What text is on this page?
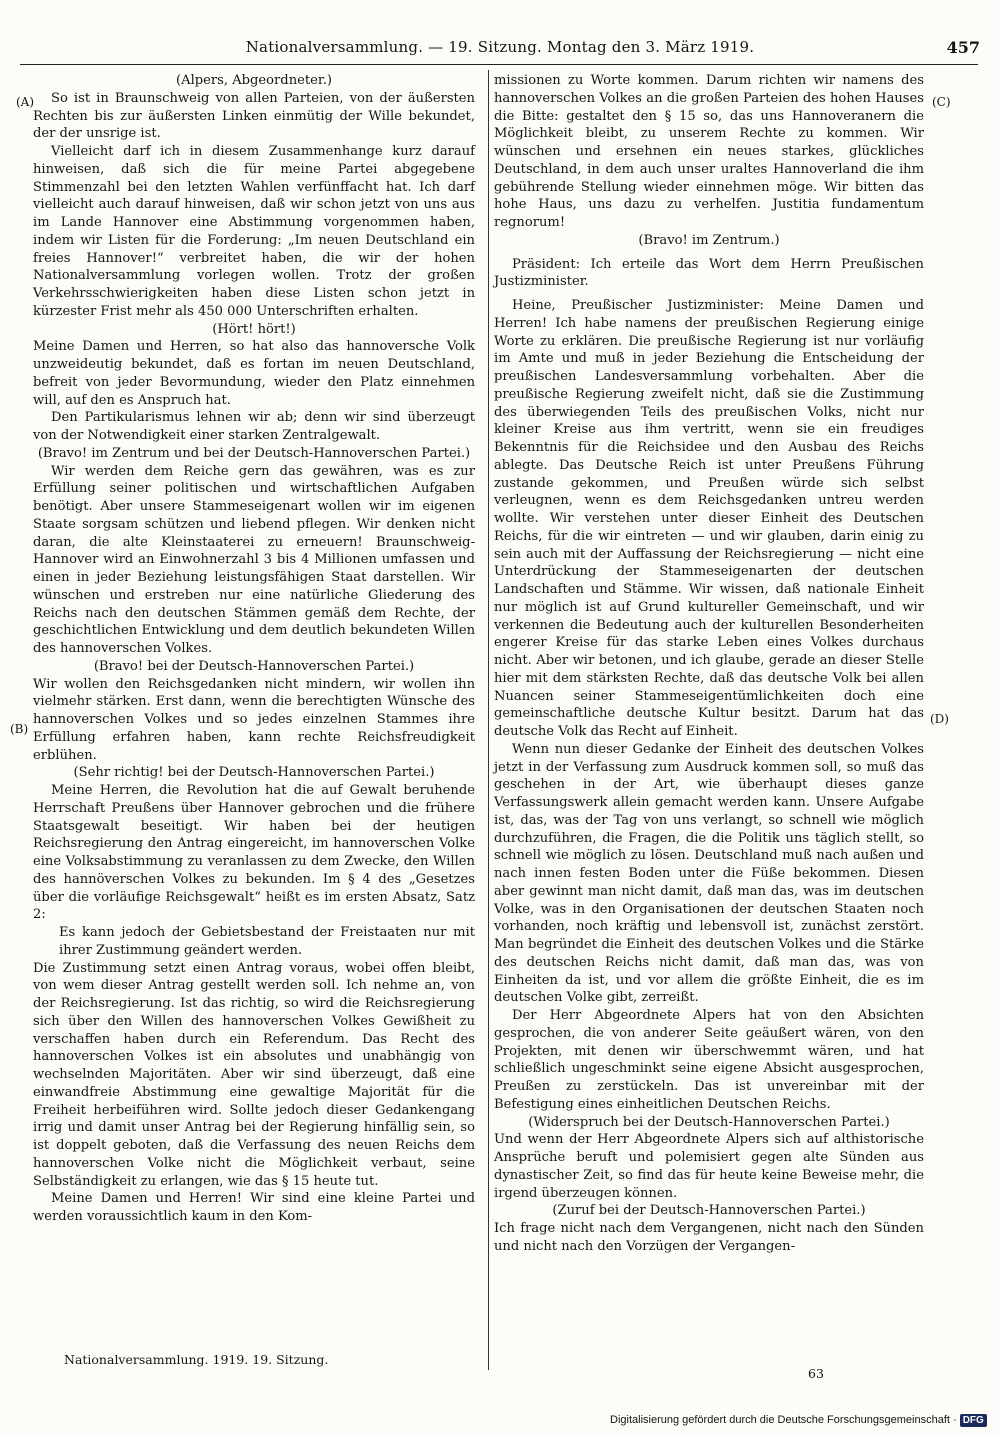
Nationalversammlung. — 19. Sitzung. Montag den 3. März 1919.	457

(Alpers, Abgeordneter.)

So ist in Braunschweig von allen Parteien, von der äußersten Rechten bis zur äußersten Linken einmütig der Wille bekundet, der der unsrige ist.

Vielleicht darf ich in diesem Zusammenhange kurz darauf hinweisen, daß sich die für meine Partei abgegebene Stimmenzahl bei den letzten Wahlen verfünffacht hat. Ich darf vielleicht auch darauf hinweisen, daß wir schon jetzt von uns aus im Lande Hannover eine Abstimmung vorgenommen haben, indem wir Listen für die Forderung: „Im neuen Deutschland ein freies Hannover!“ verbreitet haben, die wir der hohen Nationalversammlung vorlegen wollen. Trotz der großen Verkehrsschwierigkeiten haben diese Listen schon jetzt in kürzester Frist mehr als 450 000 Unterschriften erhalten.

(Hört! hört!)

Meine Damen und Herren, so hat also das hannoversche Volk unzweideutig bekundet, daß es fortan im neuen Deutschland, befreit von jeder Bevormundung, wieder den Platz einnehmen will, auf den es Anspruch hat.

Den Partikularismus lehnen wir ab; denn wir sind überzeugt von der Notwendigkeit einer starken Zentralgewalt.

(Bravo! im Zentrum und bei der Deutsch-Hannoverschen Partei.)

Wir werden dem Reiche gern das gewähren, was es zur Erfüllung seiner politischen und wirtschaftlichen Aufgaben benötigt. Aber unsere Stammeseigenart wollen wir im eigenen Staate sorgsam schützen und liebend pflegen. Wir denken nicht daran, die alte Kleinstaaterei zu erneuern! Braunschweig-Hannover wird an Einwohnerzahl 3 bis 4 Millionen umfassen und einen in jeder Beziehung leistungsfähigen Staat darstellen. Wir wünschen und erstreben nur eine natürliche Gliederung des Reichs nach den deutschen Stämmen gemäß dem Rechte, der geschichtlichen Entwicklung und dem deutlich bekundeten Willen des hannoverschen Volkes.

(Bravo! bei der Deutsch-Hannoverschen Partei.)

Wir wollen den Reichsgedanken nicht mindern, wir wollen ihn vielmehr stärken. Erst dann, wenn die berechtigten Wünsche des hannoverschen Volkes und so jedes einzelnen Stammes ihre Erfüllung erfahren haben, kann rechte Reichsfreudigkeit erblühen.

(Sehr richtig! bei der Deutsch-Hannoverschen Partei.)

Meine Herren, die Revolution hat die auf Gewalt beruhende Herrschaft Preußens über Hannover gebrochen und die frühere Staatsgewalt beseitigt. Wir haben bei der heutigen Reichsregierung den Antrag eingereicht, im hannoverschen Volke eine Volksabstimmung zu veranlassen zu dem Zwecke, den Willen des hannöverschen Volkes zu bekunden. Im § 4 des „Gesetzes über die vorläufige Reichsgewalt“ heißt es im ersten Absatz, Satz 2:

Es kann jedoch der Gebietsbestand der Freistaaten nur mit ihrer Zustimmung geändert werden.

Die Zustimmung setzt einen Antrag voraus, wobei offen bleibt, von wem dieser Antrag gestellt werden soll. Ich nehme an, von der Reichsregierung. Ist das richtig, so wird die Reichsregierung sich über den Willen des hannoverschen Volkes Gewißheit zu verschaffen haben durch ein Referendum. Das Recht des hannoverschen Volkes ist ein absolutes und unabhängig von wechselnden Majoritäten. Aber wir sind überzeugt, daß eine einwandfreie Abstimmung eine gewaltige Majorität für die Freiheit herbeiführen wird. Sollte jedoch dieser Gedankengang irrig und damit unser Antrag bei der Regierung hinfällig sein, so ist doppelt geboten, daß die Verfassung des neuen Reichs dem hannoverschen Volke nicht die Möglichkeit verbaut, seine Selbständigkeit zu erlangen, wie das § 15 heute tut.

Meine Damen und Herren! Wir sind eine kleine Partei und werden voraussichtlich kaum in den Kom-

missionen zu Worte kommen. Darum richten wir namens des hannoverschen Volkes an die großen Parteien des hohen Hauses die Bitte: gestaltet den § 15 so, das uns Hannoveranern die Möglichkeit bleibt, zu unserem Rechte zu kommen. Wir wünschen und ersehnen ein neues starkes, glückliches Deutschland, in dem auch unser uraltes Hannoverland die ihm gebührende Stellung wieder einnehmen möge. Wir bitten das hohe Haus, uns dazu zu verhelfen. Justitia fundamentum regnorum!

(Bravo! im Zentrum.)

Präsident: Ich erteile das Wort dem Herrn Preußischen Justizminister.

Heine, Preußischer Justizminister: Meine Damen und Herren! Ich habe namens der preußischen Regierung einige Worte zu erklären. Die preußische Regierung ist nur vorläufig im Amte und muß in jeder Beziehung die Entscheidung der preußischen Landesversammlung vorbehalten. Aber die preußische Regierung zweifelt nicht, daß sie die Zustimmung des überwiegenden Teils des preußischen Volks, nicht nur kleiner Kreise aus ihm vertritt, wenn sie ein freudiges Bekenntnis für die Reichsidee und den Ausbau des Reichs ablegte. Das Deutsche Reich ist unter Preußens Führung zustande gekommen, und Preußen würde sich selbst verleugnen, wenn es dem Reichsgedanken untreu werden wollte. Wir verstehen unter dieser Einheit des Deutschen Reichs, für die wir eintreten — und wir glauben, darin einig zu sein auch mit der Auffassung der Reichsregierung — nicht eine Unterdrückung der Stammeseigenarten der deutschen Landschaften und Stämme. Wir wissen, daß nationale Einheit nur möglich ist auf Grund kultureller Gemeinschaft, und wir verkennen die Bedeutung auch der kulturellen Besonderheiten engerer Kreise für das starke Leben eines Volkes durchaus nicht. Aber wir betonen, und ich glaube, gerade an dieser Stelle hier mit dem stärksten Rechte, daß das deutsche Volk bei allen Nuancen seiner Stammeseigentümlichkeiten doch eine gemeinschaftliche deutsche Kultur besitzt. Darum hat das deutsche Volk das Recht auf Einheit.

Wenn nun dieser Gedanke der Einheit des deutschen Volkes jetzt in der Verfassung zum Ausdruck kommen soll, so muß das geschehen in der Art, wie überhaupt dieses ganze Verfassungswerk allein gemacht werden kann. Unsere Aufgabe ist, das, was der Tag von uns verlangt, so schnell wie möglich durchzuführen, die Fragen, die die Politik uns täglich stellt, so schnell wie möglich zu lösen. Deutschland muß nach außen und nach innen festen Boden unter die Füße bekommen. Diesen aber gewinnt man nicht damit, daß man das, was im deutschen Volke, was in den Organisationen der deutschen Staaten noch vorhanden, noch kräftig und lebensvoll ist, zunächst zerstört. Man begründet die Einheit des deutschen Volkes und die Stärke des deutschen Reichs nicht damit, daß man das, was von Einheiten da ist, und vor allem die größte Einheit, die es im deutschen Volke gibt, zerreißt.

Der Herr Abgeordnete Alpers hat von den Absichten gesprochen, die von anderer Seite geäußert wären, von den Projekten, mit denen wir überschwemmt wären, und hat schließlich ungeschminkt seine eigene Absicht ausgesprochen, Preußen zu zerstückeln. Das ist unvereinbar mit der Befestigung eines einheitlichen Deutschen Reichs.

(Widerspruch bei der Deutsch-Hannoverschen Partei.)

Und wenn der Herr Abgeordnete Alpers sich auf althistorische Ansprüche beruft und polemisiert gegen alte Sünden aus dynastischer Zeit, so find das für heute keine Beweise mehr, die irgend überzeugen können.

(Zuruf bei der Deutsch-Hannoverschen Partei.)

Ich frage nicht nach dem Vergangenen, nicht nach den Sünden und nicht nach den Vorzügen der Vergangen-

(A)
(B)
(C)
(D)
Nationalversammlung. 1919. 19. Sitzung.
63
Digitalisierung gefördert durch die Deutsche Forschungsgemeinschaft · DFG
